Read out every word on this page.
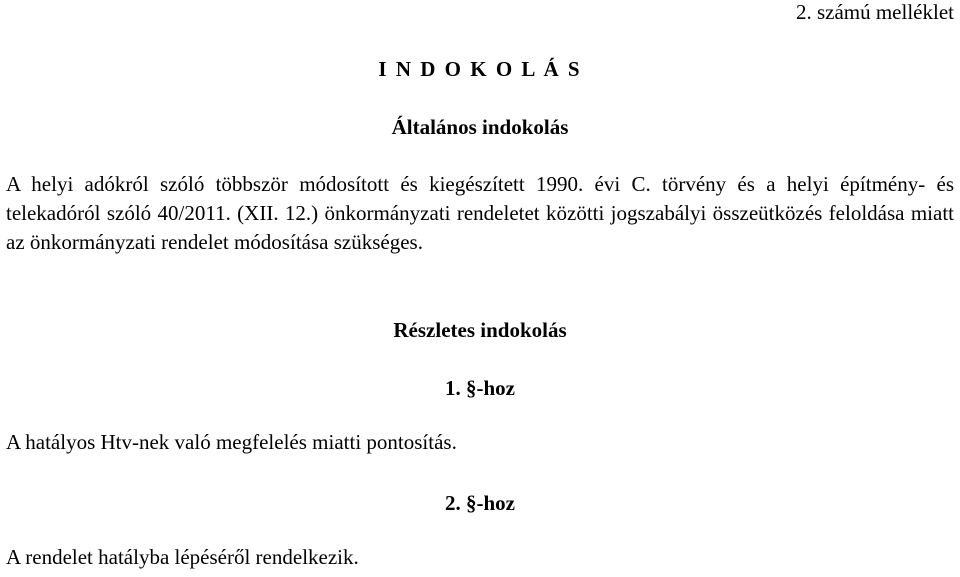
2. számú melléklet
I N D O K O L Á S
Általános indokolás
A helyi adókról szóló többször módosított és kiegészített 1990. évi C. törvény és a helyi építmény- és telekadóról szóló 40/2011. (XII. 12.) önkormányzati rendeletet közötti jogszabályi összeütközés feloldása miatt az önkormányzati rendelet módosítása szükséges.
Részletes indokolás
1. §-hoz
A hatályos Htv-nek való megfelelés miatti pontosítás.
2. §-hoz
A rendelet hatályba lépéséről rendelkezik.
